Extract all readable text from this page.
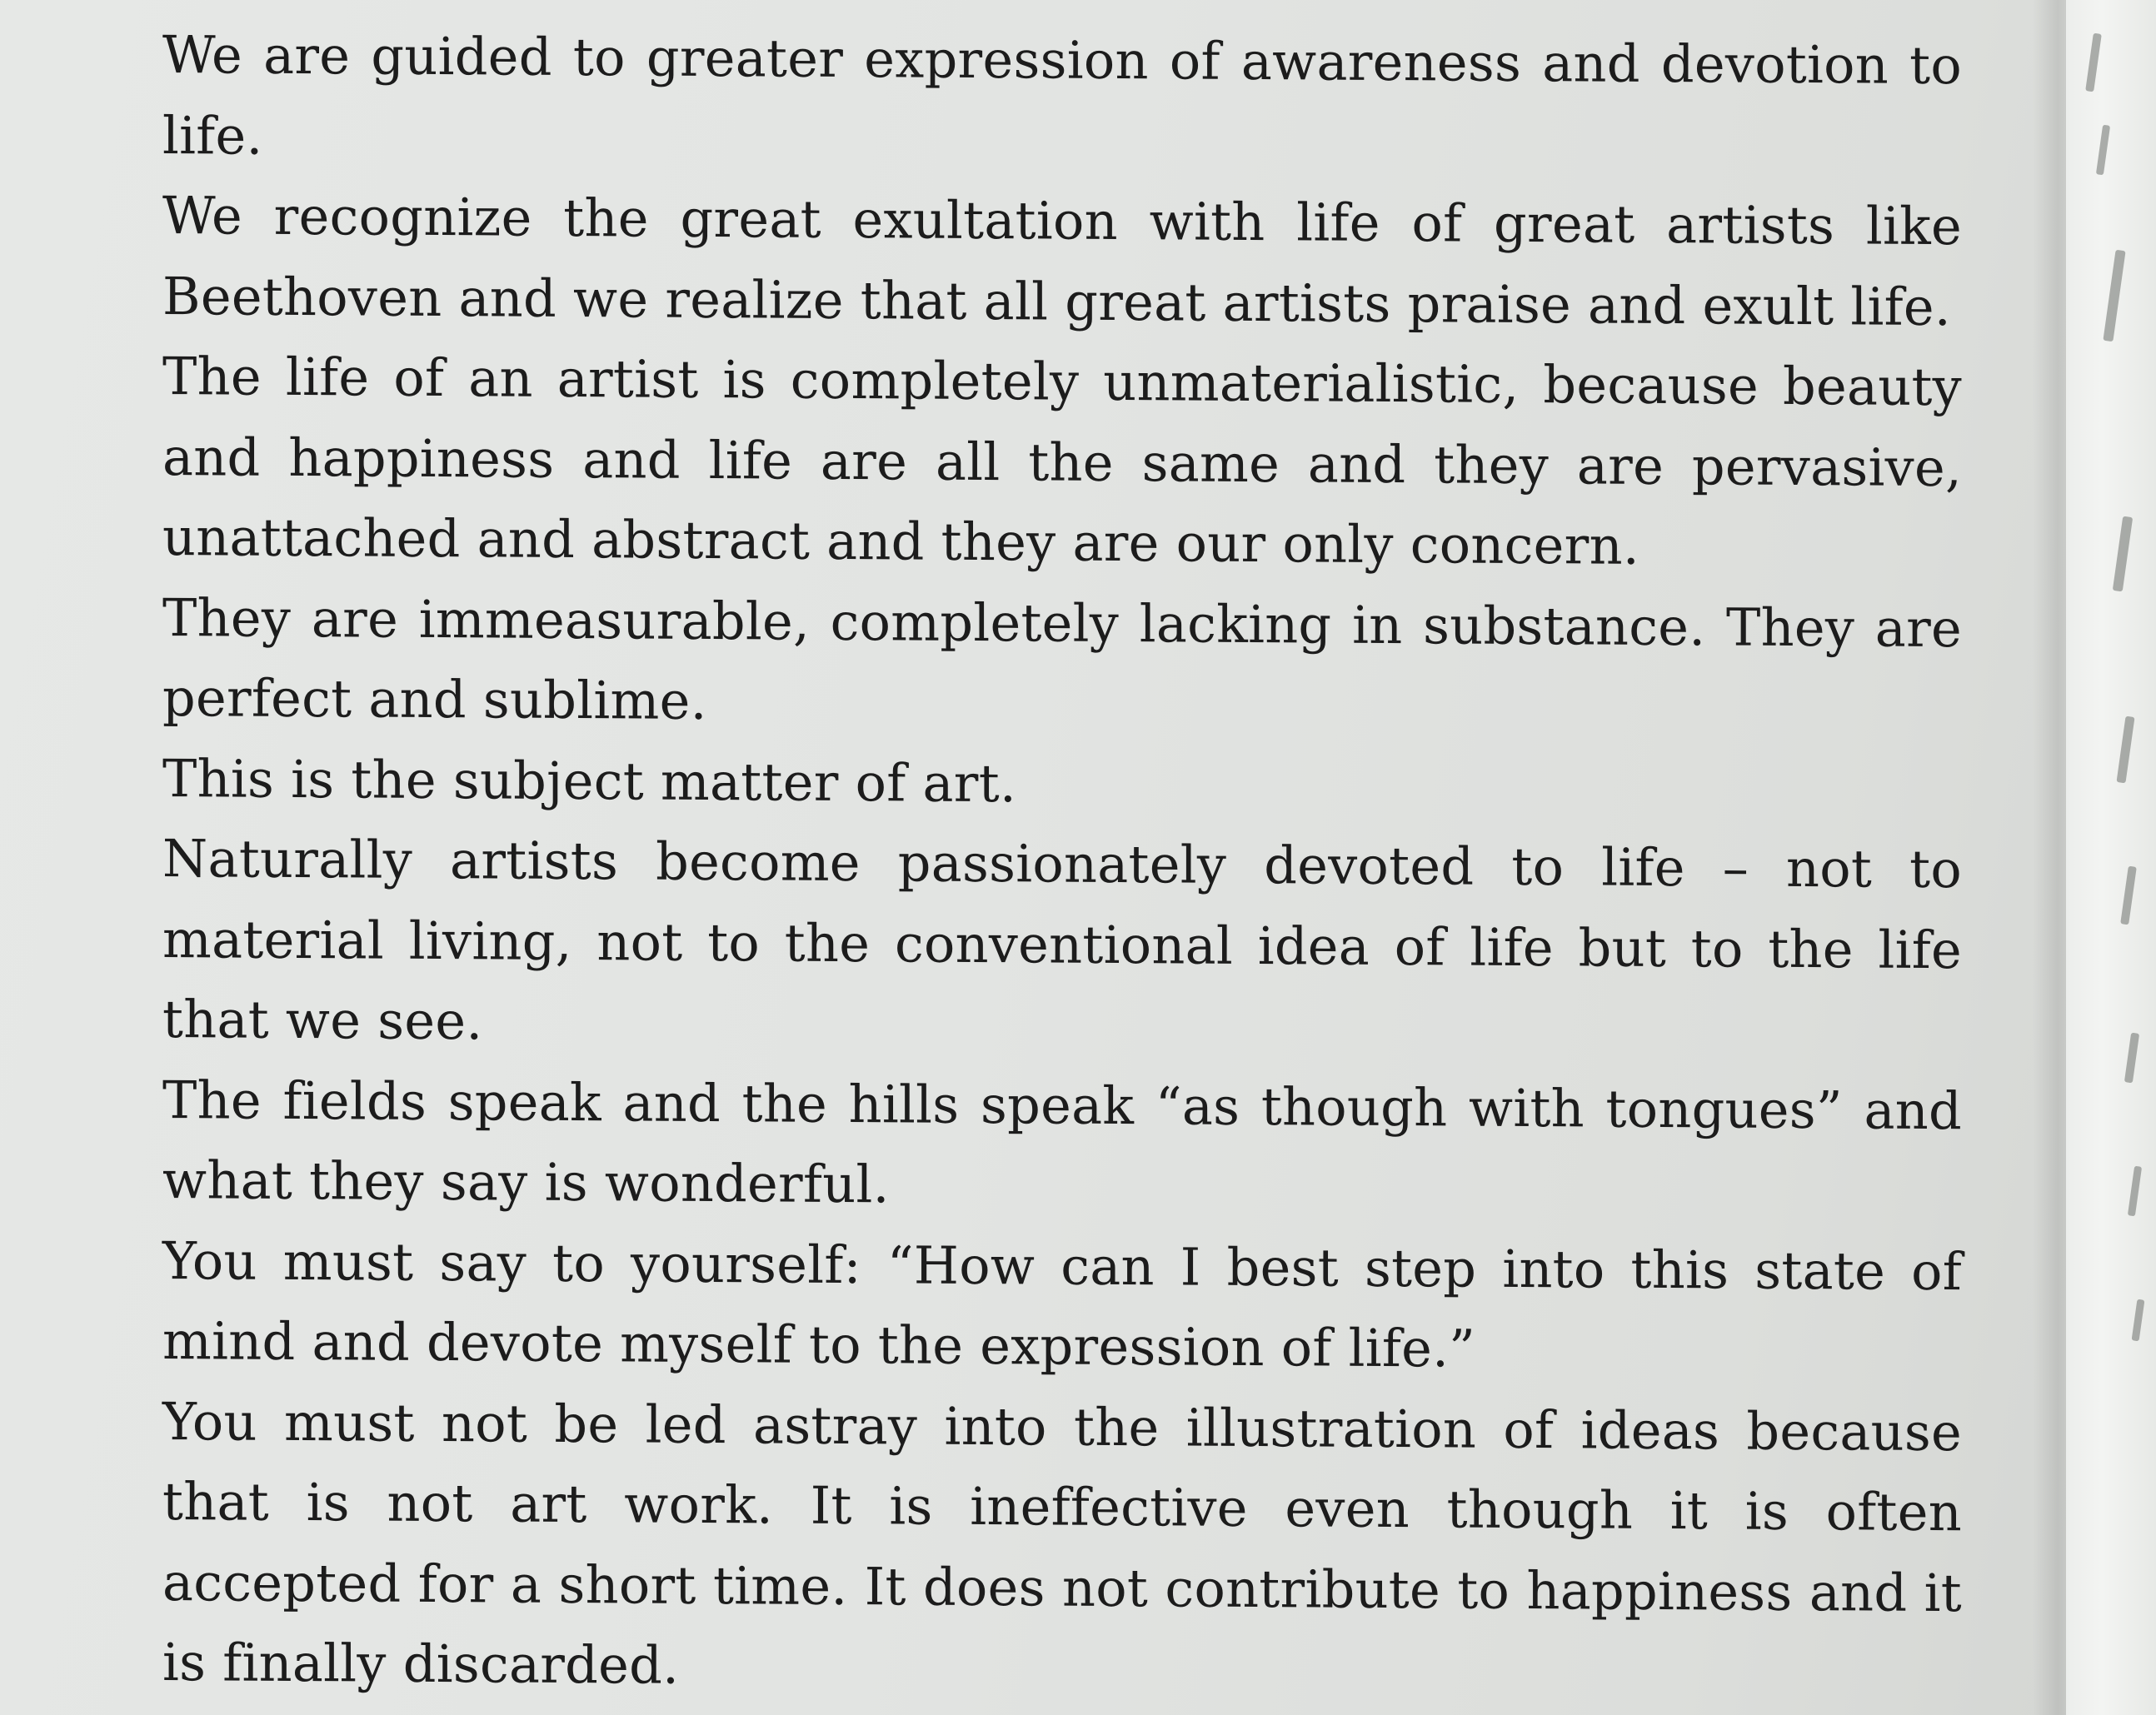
We are guided to greater expression of awareness and devotion to life.

We recognize the great exultation with life of great artists like Beethoven and we realize that all great artists praise and exult life.

The life of an artist is completely unmaterialistic, because beauty and happiness and life are all the same and they are pervasive, unattached and abstract and they are our only concern.

They are immeasurable, completely lacking in substance. They are perfect and sublime.

This is the subject matter of art.

Naturally artists become passionately devoted to life – not to material living, not to the conventional idea of life but to the life that we see.

The fields speak and the hills speak “as though with tongues” and what they say is wonderful.

You must say to yourself: “How can I best step into this state of mind and devote myself to the expression of life.”

You must not be led astray into the illustration of ideas because that is not art work. It is ineffective even though it is often accepted for a short time. It does not contribute to happiness and it is finally discarded.
